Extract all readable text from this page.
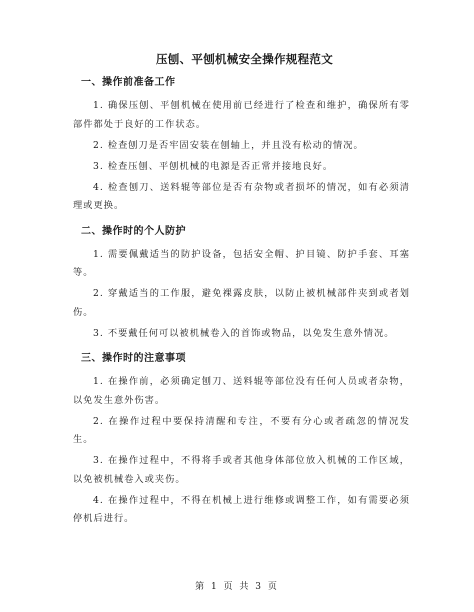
压刨、平刨机械安全操作规程范文
一、操作前准备工作

1. 确保压刨、平刨机械在使用前已经进行了检查和维护，确保所有零部件都处于良好的工作状态。

2. 检查刨刀是否牢固安装在刨轴上，并且没有松动的情况。

3. 检查压刨、平刨机械的电源是否正常并接地良好。

4. 检查刨刀、送料辊等部位是否有杂物或者损坏的情况，如有必须清理或更换。

二、操作时的个人防护

1. 需要佩戴适当的防护设备，包括安全帽、护目镜、防护手套、耳塞等。

2. 穿戴适当的工作服，避免裸露皮肤，以防止被机械部件夹到或者划伤。

3. 不要戴任何可以被机械卷入的首饰或物品，以免发生意外情况。

三、操作时的注意事项

1. 在操作前，必须确定刨刀、送料辊等部位没有任何人员或者杂物，以免发生意外伤害。

2. 在操作过程中要保持清醒和专注，不要有分心或者疏忽的情况发生。

3. 在操作过程中，不得将手或者其他身体部位放入机械的工作区域，以免被机械卷入或夹伤。

4. 在操作过程中，不得在机械上进行维修或调整工作，如有需要必须停机后进行。

第 1 页 共 3 页
